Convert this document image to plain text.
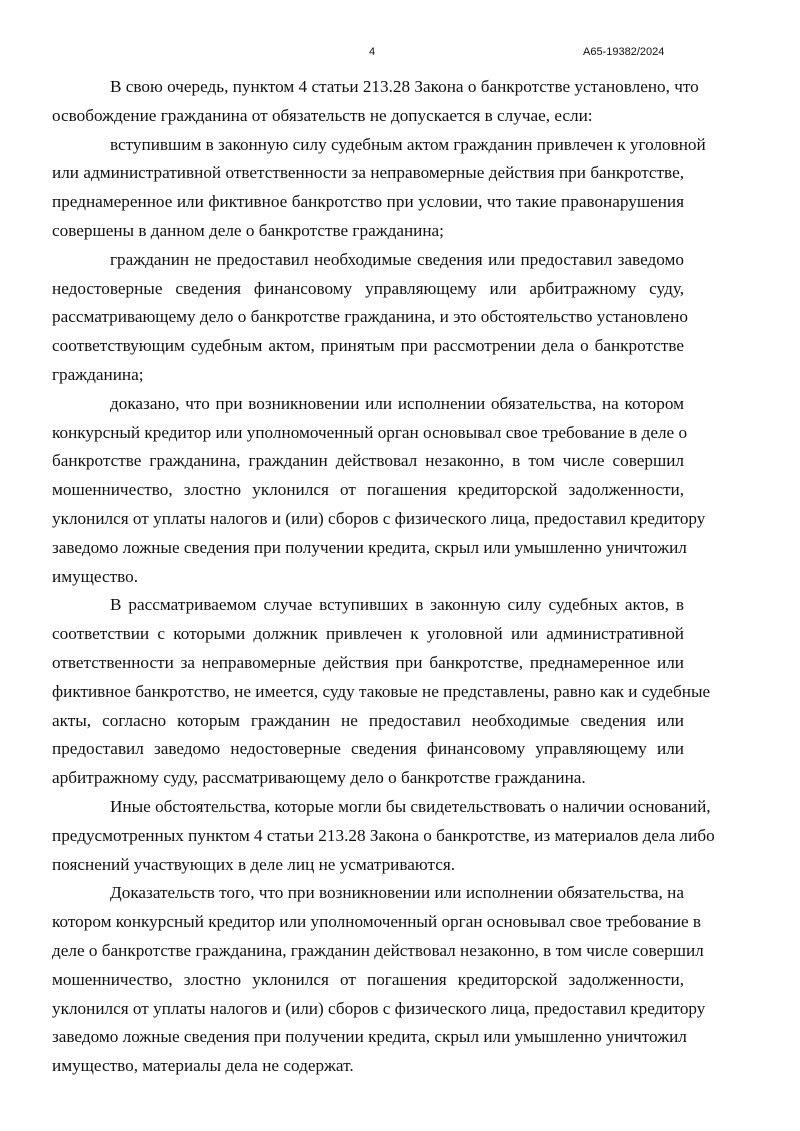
4	А65-19382/2024
В свою очередь, пунктом 4 статьи 213.28 Закона о банкротстве установлено, что
освобождение гражданина от обязательств не допускается в случае, если:
вступившим в законную силу судебным актом гражданин привлечен к уголовной
или административной ответственности за неправомерные действия при банкротстве,
преднамеренное или фиктивное банкротство при условии, что такие правонарушения
совершены в данном деле о банкротстве гражданина;
гражданин не предоставил необходимые сведения или предоставил заведомо
недостоверные сведения финансовому управляющему или арбитражному суду,
рассматривающему дело о банкротстве гражданина, и это обстоятельство установлено
соответствующим судебным актом, принятым при рассмотрении дела о банкротстве
гражданина;
доказано, что при возникновении или исполнении обязательства, на котором
конкурсный кредитор или уполномоченный орган основывал свое требование в деле о
банкротстве гражданина, гражданин действовал незаконно, в том числе совершил
мошенничество, злостно уклонился от погашения кредиторской задолженности,
уклонился от уплаты налогов и (или) сборов с физического лица, предоставил кредитору
заведомо ложные сведения при получении кредита, скрыл или умышленно уничтожил
имущество.
В рассматриваемом случае вступивших в законную силу судебных актов, в
соответствии с которыми должник привлечен к уголовной или административной
ответственности за неправомерные действия при банкротстве, преднамеренное или
фиктивное банкротство, не имеется, суду таковые не представлены, равно как и судебные
акты, согласно которым гражданин не предоставил необходимые сведения или
предоставил заведомо недостоверные сведения финансовому управляющему или
арбитражному суду, рассматривающему дело о банкротстве гражданина.
Иные обстоятельства, которые могли бы свидетельствовать о наличии оснований,
предусмотренных пунктом 4 статьи 213.28 Закона о банкротстве, из материалов дела либо
пояснений участвующих в деле лиц не усматриваются.
Доказательств того, что при возникновении или исполнении обязательства, на
котором конкурсный кредитор или уполномоченный орган основывал свое требование в
деле о банкротстве гражданина, гражданин действовал незаконно, в том числе совершил
мошенничество, злостно уклонился от погашения кредиторской задолженности,
уклонился от уплаты налогов и (или) сборов с физического лица, предоставил кредитору
заведомо ложные сведения при получении кредита, скрыл или умышленно уничтожил
имущество, материалы дела не содержат.
